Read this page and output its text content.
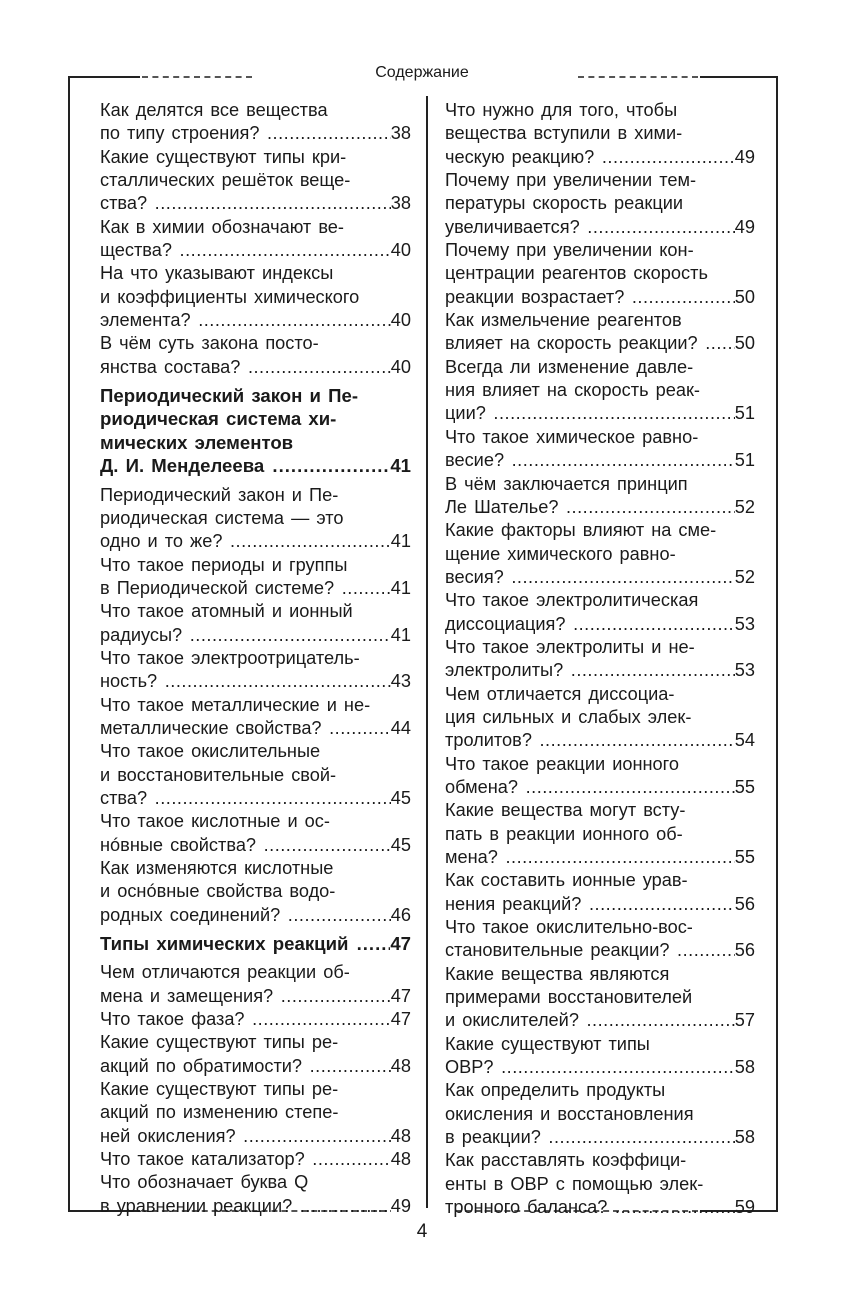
Содержание
Как делятся все вещества
по типу строения? .....	38
Какие существуют типы кри-
сталлических решёток веще-
ства? .....	38
Как в химии обозначают ве-
щества? .....	40
На что указывают индексы
и коэффициенты химического
элемента? .....	40
В чём суть закона посто-
янства состава? .....	40
Периодический закон и Пе-
риодическая система хи-
мических элементов
Д. И. Менделеева .....	41
Периодический закон и Пе-
риодическая система — это
одно и то же? .....	41
Что такое периоды и группы
в Периодической системе? .....	41
Что такое атомный и ионный
радиусы? .....	41
Что такое электроотрицатель-
ность? .....	43
Что такое металлические и не-
металлические свойства? .....	44
Что такое окислительные
и восстановительные свой-
ства? .....	45
Что такое кислотные и ос-
нóвные свойства? .....	45
Как изменяются кислотные
и оснóвные свойства водо-
родных соединений? .....	46
Типы химических реакций .....	47
Чем отличаются реакции об-
мена и замещения? .....	47
Что такое фаза? .....	47
Какие существуют типы ре-
акций по обратимости? .....	48
Какие существуют типы ре-
акций по изменению степе-
ней окисления? .....	48
Что такое катализатор? .....	48
Что обозначает буква Q
в уравнении реакции? .....	49
Что нужно для того, чтобы
вещества вступили в хими-
ческую реакцию? .....	49
Почему при увеличении тем-
пературы скорость реакции
увеличивается? .....	49
Почему при увеличении кон-
центрации реагентов скорость
реакции возрастает? .....	50
Как измельчение реагентов
влияет на скорость реакции? .....	50
Всегда ли изменение давле-
ния влияет на скорость реак-
ции? .....	51
Что такое химическое равно-
весие? .....	51
В чём заключается принцип
Ле Шателье? .....	52
Какие факторы влияют на сме-
щение химического равно-
весия? .....	52
Что такое электролитическая
диссоциация? .....	53
Что такое электролиты и не-
электролиты? .....	53
Чем отличается диссоциа-
ция сильных и слабых элек-
тролитов? .....	54
Что такое реакции ионного
обмена? .....	55
Какие вещества могут всту-
пать в реакции ионного об-
мена? .....	55
Как составить ионные урав-
нения реакций? .....	56
Что такое окислительно-вос-
становительные реакции? .....	56
Какие вещества являются
примерами восстановителей
и окислителей? .....	57
Какие существуют типы
ОВР? .....	58
Как определить продукты
окисления и восстановления
в реакции? .....	58
Как расставлять коэффици-
енты в ОВР с помощью элек-
тронного баланса? .....	59
4
